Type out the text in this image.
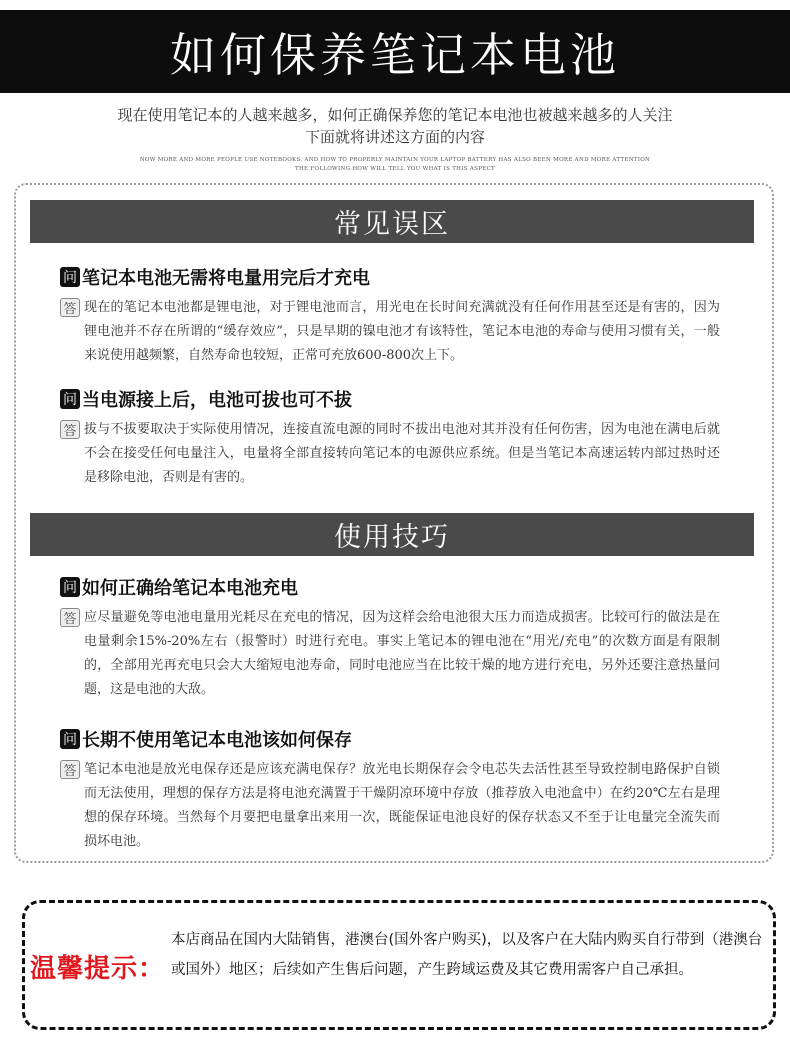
如何保养笔记本电池
现在使用笔记本的人越来越多，如何正确保养您的笔记本电池也被越来越多的人关注
下面就将讲述这方面的内容
NOW MORE AND MORE PEOPLE USE NOTEBOOKS, AND HOW TO PROPERLY MAINTAIN YOUR LAPTOP BATTERY HAS ALSO BEEN MORE AND MORE ATTENTION
THE FOLLOWING HOW WILL TELL YOU WHAT IS THIS ASPECT
常见误区
问 笔记本电池无需将电量用完后才充电
答 现在的笔记本电池都是锂电池，对于锂电池而言，用光电在长时间充满就没有任何作用甚至还是有害的，因为锂电池并不存在所谓的“缓存效应”，只是早期的镍电池才有该特性，笔记本电池的寿命与使用习惯有关，一般来说使用越频繁，自然寿命也较短，正常可充放600-800次上下。
问 当电源接上后，电池可拔也可不拔
答 拔与不拔要取决于实际使用情况，连接直流电源的同时不拔出电池对其并没有任何伤害，因为电池在满电后就不会在接受任何电量注入，电量将全部直接转向笔记本的电源供应系统。但是当笔记本高速运转内部过热时还是移除电池，否则是有害的。
使用技巧
问 如何正确给笔记本电池充电
答 应尽量避免等电池电量用光耗尽在充电的情况，因为这样会给电池很大压力而造成损害。比较可行的做法是在电量剩余15%-20%左右（报警时）时进行充电。事实上笔记本的锂电池在“用光/充电”的次数方面是有限制的，全部用光再充电只会大大缩短电池寿命，同时电池应当在比较干燥的地方进行充电，另外还要注意热量问题，这是电池的大敌。
问 长期不使用笔记本电池该如何保存
答 笔记本电池是放光电保存还是应该充满电保存？放光电长期保存会令电芯失去活性甚至导致控制电路保护自锁而无法使用，理想的保存方法是将电池充满置于干燥阴凉环境中存放（推荐放入电池盒中）在约20℃左右是理想的保存环境。当然每个月要把电量拿出来用一次，既能保证电池良好的保存状态又不至于让电量完全流失而损坏电池。
温馨提示：
本店商品在国内大陆销售，港澳台(国外客户购买)，以及客户在大陆内购买自行带到（港澳台或国外）地区；后续如产生售后问题，产生跨域运费及其它费用需客户自己承担。
